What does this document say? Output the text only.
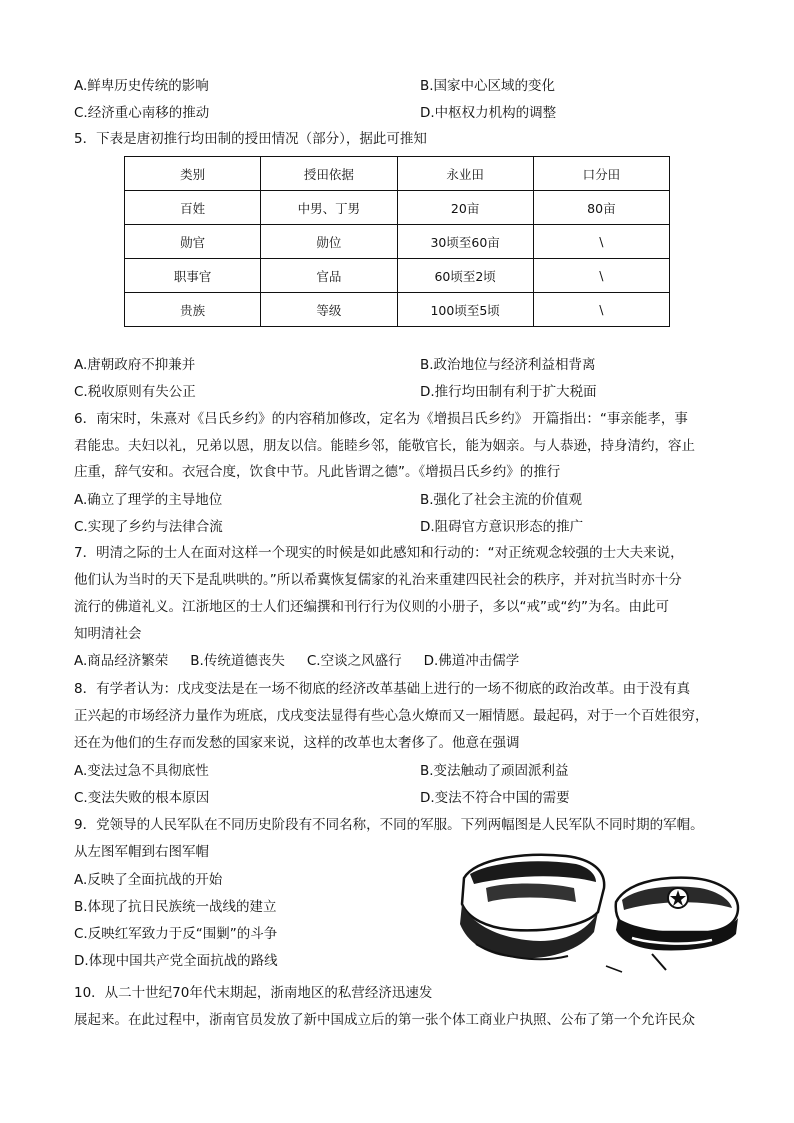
A.鲜卑历史传统的影响	B.国家中心区域的变化
C.经济重心南移的推动	D.中枢权力机构的调整
5．下表是唐初推行均田制的授田情况（部分），据此可推知
类别	授田依据	永业田	口分田
百姓	中男、丁男	20亩	80亩
勋官	勋位	30顷至60亩	\
职事官	官品	60顷至2顷	\
贵族	等级	100顷至5顷	\
A.唐朝政府不抑兼并	B.政治地位与经济利益相背离
C.税收原则有失公正	D.推行均田制有利于扩大税面
6．南宋时，朱熹对《吕氏乡约》的内容稍加修改，定名为《增损吕氏乡约》 开篇指出：“事亲能孝，事
君能忠。夫妇以礼，兄弟以恩，朋友以信。能睦乡邻，能敬官长，能为姻亲。与人恭逊，持身清约，容止
庄重，辞气安和。衣冠合度，饮食中节。凡此皆谓之德”。《增损吕氏乡约》的推行
A.确立了理学的主导地位	B.强化了社会主流的价值观
C.实现了乡约与法律合流	D.阻碍官方意识形态的推广
7．明清之际的士人在面对这样一个现实的时候是如此感知和行动的：“对正统观念较强的士大夫来说，
他们认为当时的天下是乱哄哄的。”所以希冀恢复儒家的礼治来重建四民社会的秩序，并对抗当时亦十分
流行的佛道礼义。江浙地区的士人们还编撰和刊行行为仪则的小册子，多以“戒”或“约”为名。由此可
知明清社会
A.商品经济繁荣 B.传统道德丧失 C.空谈之风盛行 D.佛道冲击儒学
8．有学者认为：戊戌变法是在一场不彻底的经济改革基础上进行的一场不彻底的政治改革。由于没有真
正兴起的市场经济力量作为班底，戊戌变法显得有些心急火燎而又一厢情愿。最起码，对于一个百姓很穷，
还在为他们的生存而发愁的国家来说，这样的改革也太奢侈了。他意在强调
A.变法过急不具彻底性	B.变法触动了顽固派利益
C.变法失败的根本原因	D.变法不符合中国的需要
9．党领导的人民军队在不同历史阶段有不同名称，不同的军服。下列两幅图是人民军队不同时期的军帽。
从左图军帽到右图军帽
A.反映了全面抗战的开始
B.体现了抗日民族统一战线的建立
C.反映红军致力于反“围剿”的斗争
D.体现中国共产党全面抗战的路线
10．从二十世纪70年代末期起，浙南地区的私营经济迅速发
展起来。在此过程中，浙南官员发放了新中国成立后的第一张个体工商业户执照、公布了第一个允许民众
